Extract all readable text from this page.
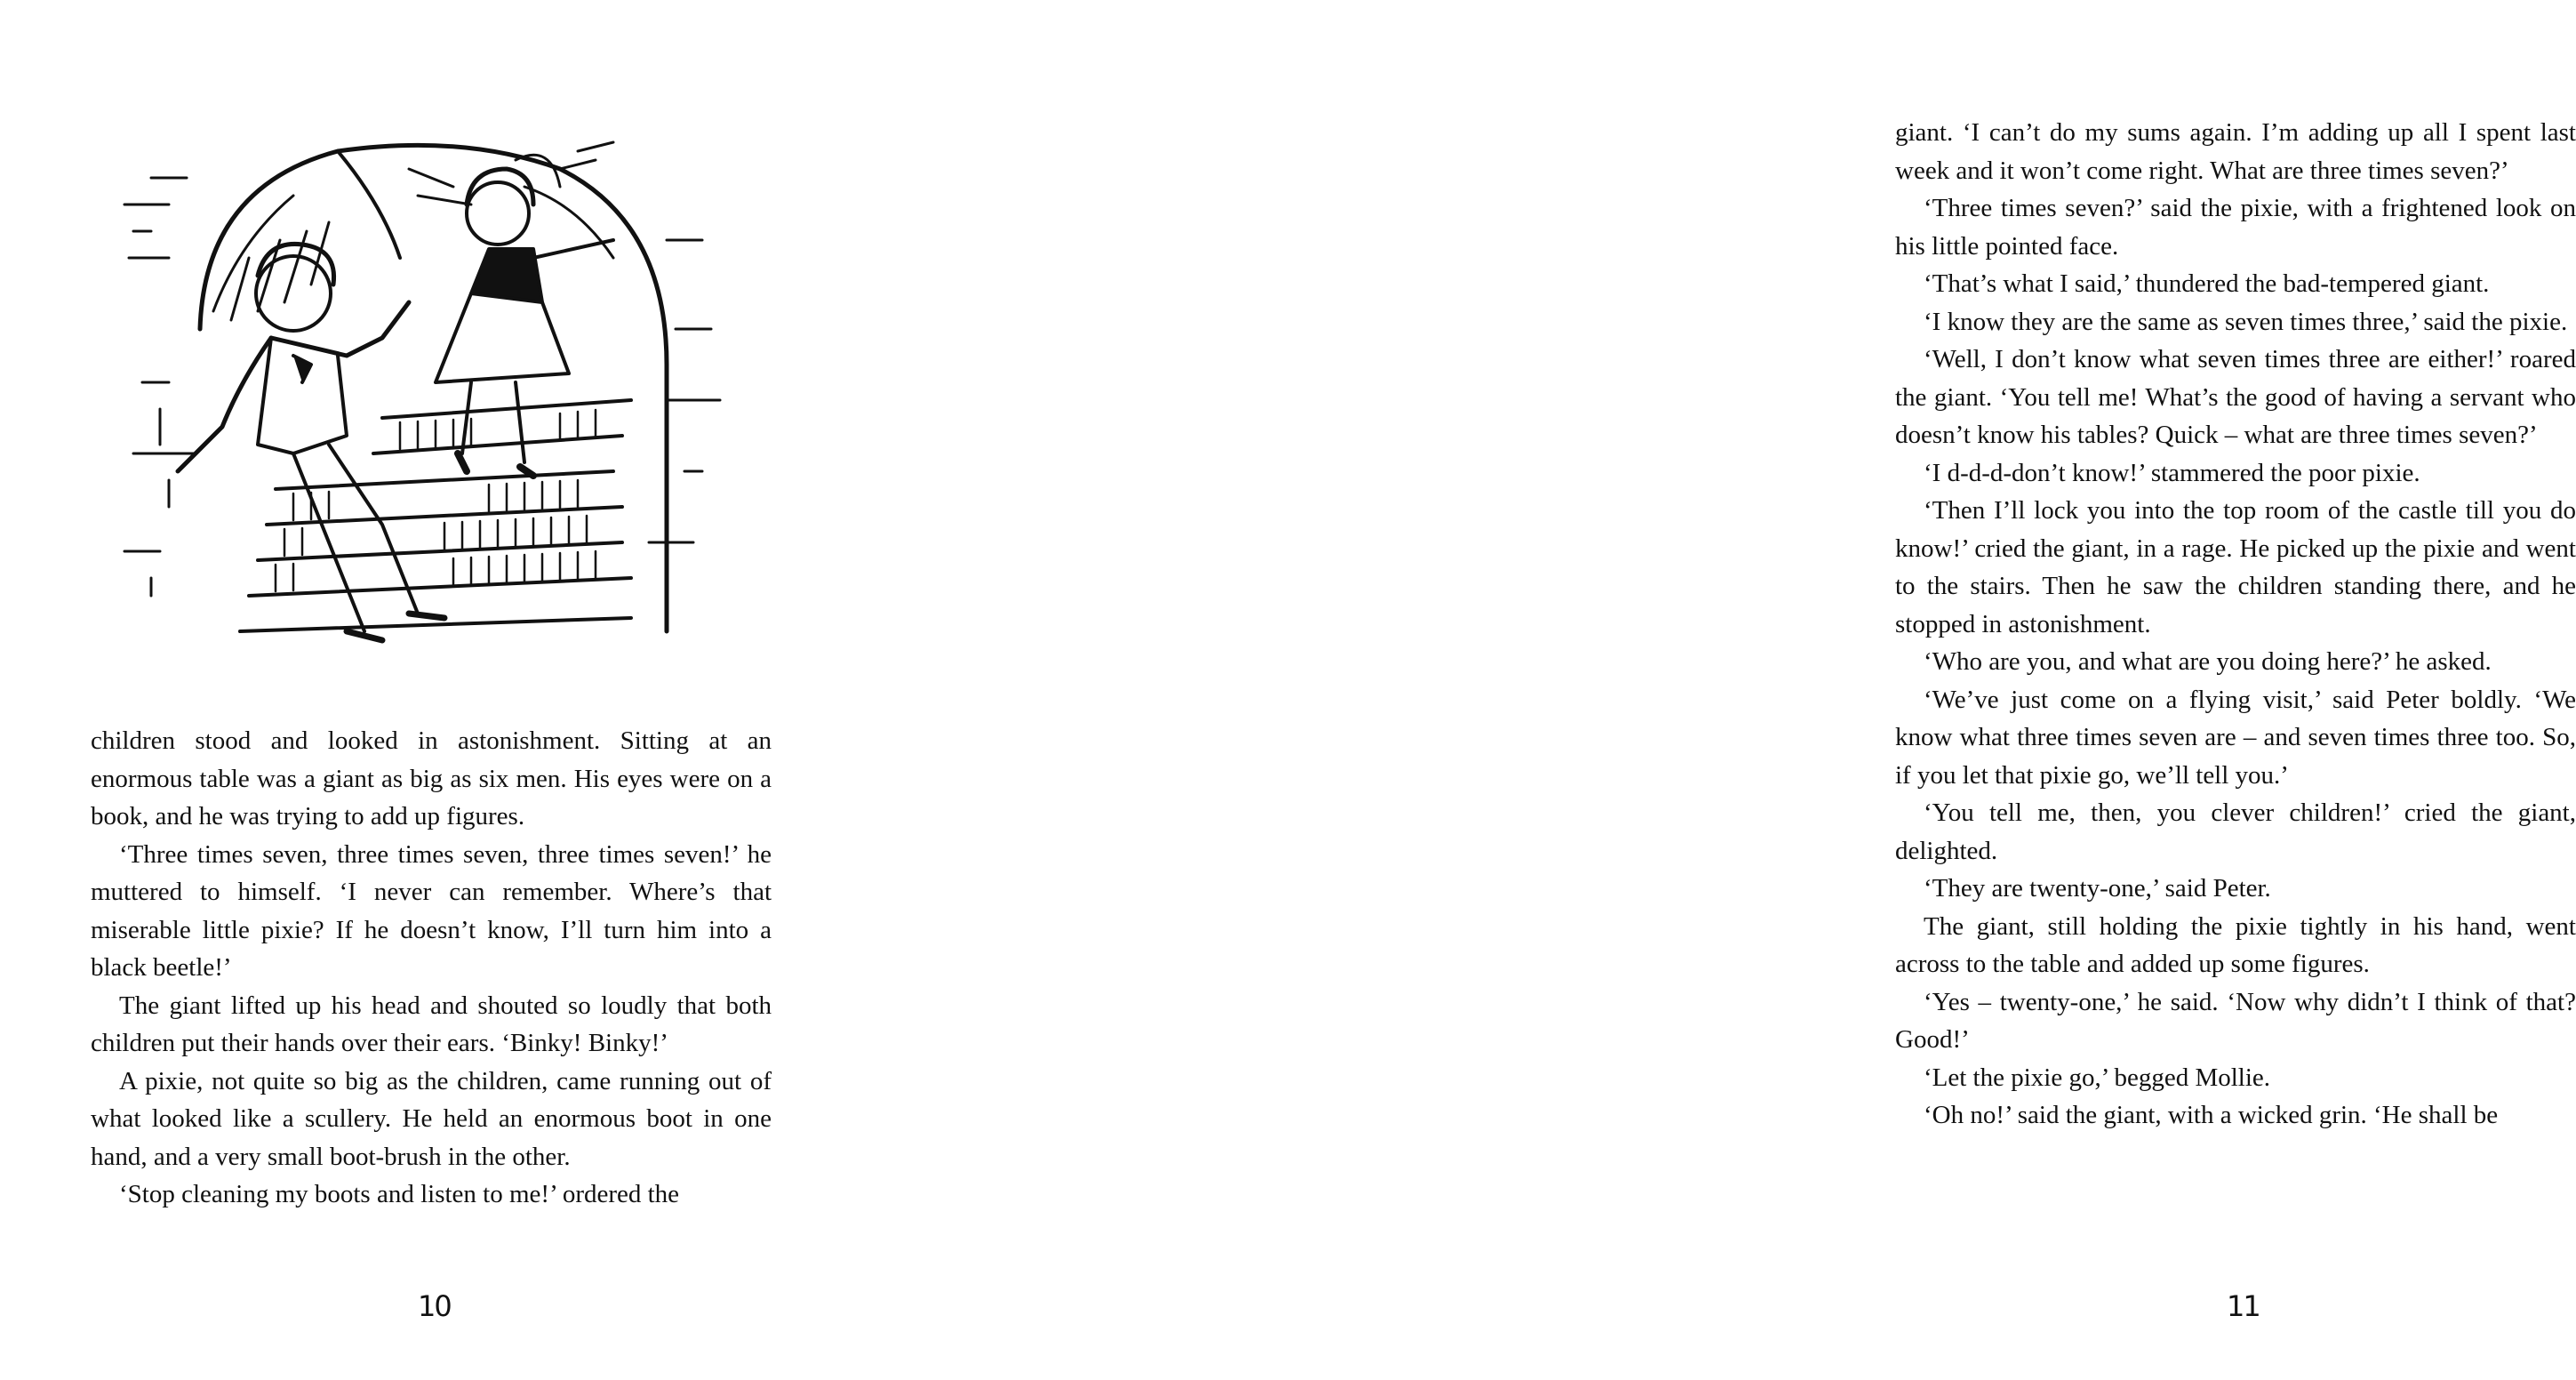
children stood and looked in astonishment. Sitting at an enormous table was a giant as big as six men. His eyes were on a book, and he was trying to add up figures.

‘Three times seven, three times seven, three times seven!’ he muttered to himself. ‘I never can remember. Where’s that miserable little pixie? If he doesn’t know, I’ll turn him into a black beetle!’

The giant lifted up his head and shouted so loudly that both children put their hands over their ears. ‘Binky! Binky!’

A pixie, not quite so big as the children, came running out of what looked like a scullery. He held an enormous boot in one hand, and a very small boot-brush in the other.

‘Stop cleaning my boots and listen to me!’ ordered the

10

giant. ‘I can’t do my sums again. I’m adding up all I spent last week and it won’t come right. What are three times seven?’

‘Three times seven?’ said the pixie, with a frightened look on his little pointed face.

‘That’s what I said,’ thundered the bad-tempered giant.

‘I know they are the same as seven times three,’ said the pixie.

‘Well, I don’t know what seven times three are either!’ roared the giant. ‘You tell me! What’s the good of having a servant who doesn’t know his tables? Quick – what are three times seven?’

‘I d-d-d-don’t know!’ stammered the poor pixie.

‘Then I’ll lock you into the top room of the castle till you do know!’ cried the giant, in a rage. He picked up the pixie and went to the stairs. Then he saw the children standing there, and he stopped in astonishment.

‘Who are you, and what are you doing here?’ he asked.

‘We’ve just come on a flying visit,’ said Peter boldly. ‘We know what three times seven are – and seven times three too. So, if you let that pixie go, we’ll tell you.’

‘You tell me, then, you clever children!’ cried the giant, delighted.

‘They are twenty-one,’ said Peter.

The giant, still holding the pixie tightly in his hand, went across to the table and added up some figures.

‘Yes – twenty-one,’ he said. ‘Now why didn’t I think of that? Good!’

‘Let the pixie go,’ begged Mollie.

‘Oh no!’ said the giant, with a wicked grin. ‘He shall be

11
